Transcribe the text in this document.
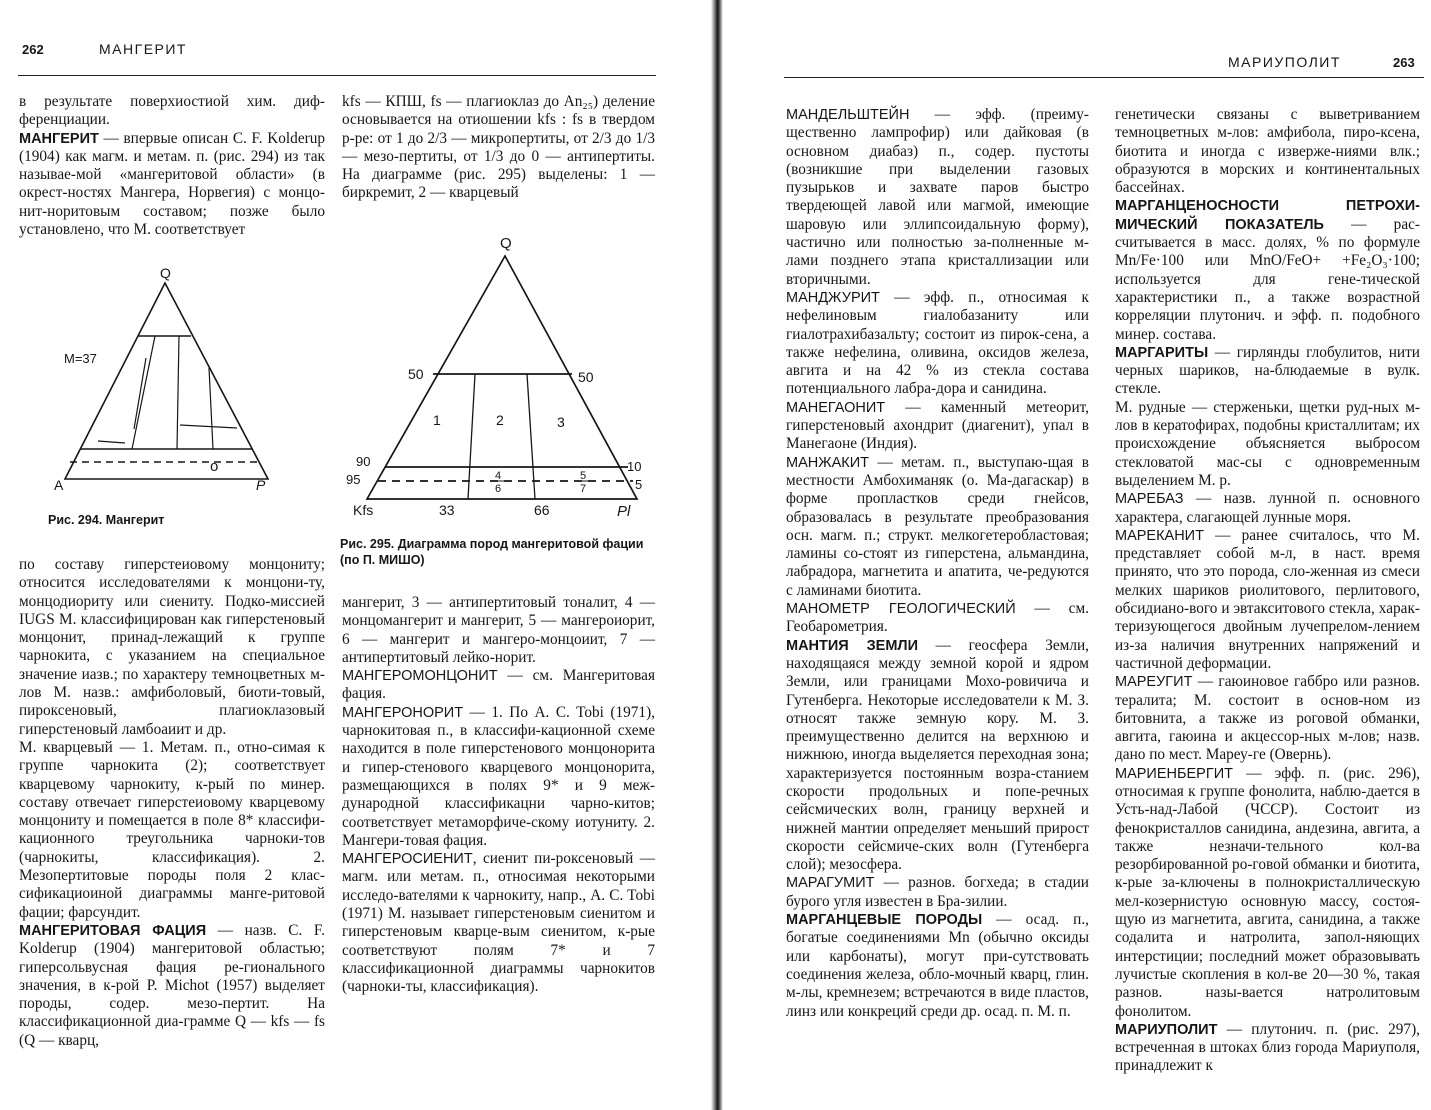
262	МАНГЕРИТ

в результате поверхиостиой хим. диф-ференциации.

МАНГЕРИТ — впервые описан C. F. Kolderup (1904) как магм. и метам. п. (рис. 294) из так называе-мой «мангеритовой области» (в окрест-ностях Мангера, Норвегия) с монцо-нит-норитовым составом; позже было установлено, что М. соответствует

Q
A	P
M=37
o
Рис. 294. Мангерит

по составу гиперстеиовому монцониту; относится исследователями к монцони-ту, монцодиориту или сиениту. Подко-миссией IUGS М. классифицирован как гиперстеновый монцонит, принад-лежащий к группе чарнокита, с указанием на специальное значение иазв.; по характеру темноцветных м-лов М. назв.: амфиболовый, биоти-товый, пироксеновый, плагиоклазовый гиперстеновый ламбоаиит и др.

М. кварцевый — 1. Метам. п., отно-симая к группе чарнокита (2); соответствует кварцевому чарнокиту, к-рый по минер. составу отвечает гиперстеиовому кварцевому монцониту и помещается в поле 8* классифи-кационного треугольника чарноки-тов (чарнокиты, классификация). 2. Мезопертитовые породы поля 2 клас-сификациоиной диаграммы манге-ритовой фации; фарсундит.

МАНГЕРИТОВАЯ ФАЦИЯ — назв. C. F. Kolderup (1904) мангеритовой областью; гиперсольвусная фация ре-гионального значения, в к-рой P. Michot (1957) выделяет породы, содер. мезо-пертит. На классификационной диа-грамме Q — kfs — fs (Q — кварц,

kfs — КПШ, fs — плагиоклаз до An₂₅) деление основывается на отиошении kfs : fs в твердом р-ре: от 1 до 2/3 — микропертиты, от 2/3 до 1/3 — мезо-пертиты, от 1/3 до 0 — антипертиты. На диаграмме (рис. 295) выделены: 1 — биркремит, 2 — кварцевый

Q
Kfs	Pl
50
90
95
50
10
5
33	66
1	2	3
4	5
6	7
Рис. 295. Диаграмма пород мангеритовой фации (по П. МИШО)

мангерит, 3 — антипертитовый тоналит, 4 — монцомангерит и мангерит, 5 — мангероиорит, 6 — мангерит и мангеро-монцоиит, 7 — антипертитовый лейко-норит.

МАНГЕРОМОНЦОНИТ — см. Мангеритовая фация.

МАНГЕРОНОРИТ — 1. По A. C. Tobi (1971), чарнокитовая п., в классифи-кационной схеме находится в поле гиперстенового монцонорита и гипер-стенового кварцевого монцонорита, размещающихся в полях 9* и 9 меж-дународной классификацни чарно-китов; соответствует метаморфиче-скому иотуниту. 2. Мангери-товая фация.

МАНГЕРОСИЕНИТ, сиенит пи-роксеновый — магм. или метам. п., относимая некоторыми исследо-вателями к чарнокиту, напр., A. C. Tobi (1971) М. называет гиперстеновым сиенитом и гиперстеновым кварце-вым сиенитом, к-рые соответствуют полям 7* и 7 классификационной диаграммы чарнокитов (чарноки-ты, классификация).

МАРИУПОЛИТ	263

МАНДЕЛЬШТЕЙН — эфф. (преиму-щественно лампрофир) или дайковая (в основном диабаз) п., содер. пустоты (возникшие при выделении газовых пузырьков и захвате паров быстро твердеющей лавой или магмой, имеющие шаровую или эллипсоидальную форму), частично или полностью за-полненные м-лами позднего этапа кристаллизации или вторичными.

МАНДЖУРИТ — эфф. п., относимая к нефелиновым гиалобазаниту или гиалотрахибазальту; состоит из пирок-сена, а также нефелина, оливина, оксидов железа, авгита и на 42 % из стекла состава потенциального лабра-дора и санидина.

МАНЕГАОНИТ — каменный метеорит, гиперстеновый ахондрит (диагенит), упал в Манегаоне (Индия).

МАНЖАКИТ — метам. п., выступаю-щая в местности Амбохиманяк (о. Ма-дагаскар) в форме пропластков среди гнейсов, образовалась в результате преобразования осн. магм. п.; структ. мелкогетеробластовая; ламины со-стоят из гиперстена, альмандина, лабрадора, магнетита и апатита, че-редуются с ламинами биотита.

МАНОМЕТР ГЕОЛОГИЧЕСКИЙ — см. Геобарометрия.

МАНТИЯ ЗЕМЛИ — геосфера Земли, находящаяся между земной корой и ядром Земли, или границами Мохо-ровичича и Гутенберга. Некоторые исследователи к М. З. относят также земную кору. М. З. преимущественно делится на верхнюю и нижнюю, иногда выделяется переходная зона; характеризуется постоянным возра-станием скорости продольных и попе-речных сейсмических волн, границу верхней и нижней мантии определяет меньший прирост скорости сейсмиче-ских волн (Гутенберга слой); мезосфера.

МАРАГУМИТ — разнов. богхеда; в стадии бурого угля известен в Бра-зилии.

МАРГАНЦЕВЫЕ ПОРОДЫ — осад. п., богатые соединениями Mn (обычно оксиды или карбонаты), могут при-сутствовать соединения железа, обло-мочный кварц, глин. м-лы, кремнезем; встречаются в виде пластов, линз или конкреций среди др. осад. п. М. п.

генетически связаны с выветриванием темноцветных м-лов: амфибола, пиро-ксена, биотита и иногда с изверже-ниями влк.; образуются в морских и континентальных бассейнах.

МАРГАНЦЕНОСНОСТИ ПЕТРОХИ-МИЧЕСКИЙ ПОКАЗАТЕЛЬ — рас-считывается в масс. долях, % по формуле Mn/Fe·100 или MnO/FeO+ +Fe₂O₃·100; используется для гене-тической характеристики п., а также возрастной корреляции плутонич. и эфф. п. подобного минер. состава.

МАРГАРИТЫ — гирлянды глобулитов, нити черных шариков, на-блюдаемые в вулк. стекле.

М. рудные — стерженьки, щетки руд-ных м-лов в кератофирах, подобны кристаллитам; их происхождение объясняется выбросом стекловатой мас-сы с одновременным выделением М. р.

МАРЕБАЗ — назв. лунной п. основного характера, слагающей лунные моря.

МАРЕКАНИТ — ранее считалось, что М. представляет собой м-л, в наст. время принято, что это порода, сло-женная из смеси мелких шариков риолитового, перлитового, обсидиано-вого и эвтакситового стекла, харак-теризующегося двойным лучепрелом-лением из-за наличия внутренних напряжений и частичной деформации.

МАРЕУГИТ — гаюиновое габбро или разнов. тералита; М. состоит в основ-ном из битовнита, а также из роговой обманки, авгита, гаюина и акцессор-ных м-лов; назв. дано по мест. Мареу-ге (Овернь).

МАРИЕНБЕРГИТ — эфф. п. (рис. 296), относимая к группе фонолита, наблю-дается в Усть-над-Лабой (ЧССР). Состоит из фенокристаллов санидина, андезина, авгита, а также незначи-тельного кол-ва резорбированной ро-говой обманки и биотита, к-рые за-ключены в полнокристаллическую мел-козернистую основную массу, состоя-щую из магнетита, авгита, санидина, а также содалита и натролита, запол-няющих интерстиции; последний может образовывать лучистые скопления в кол-ве 20—30 %, такая разнов. назы-вается натролитовым фонолитом.

МАРИУПОЛИТ — плутонич. п. (рис. 297), встреченная в штоках близ города Мариуполя, принадлежит к
